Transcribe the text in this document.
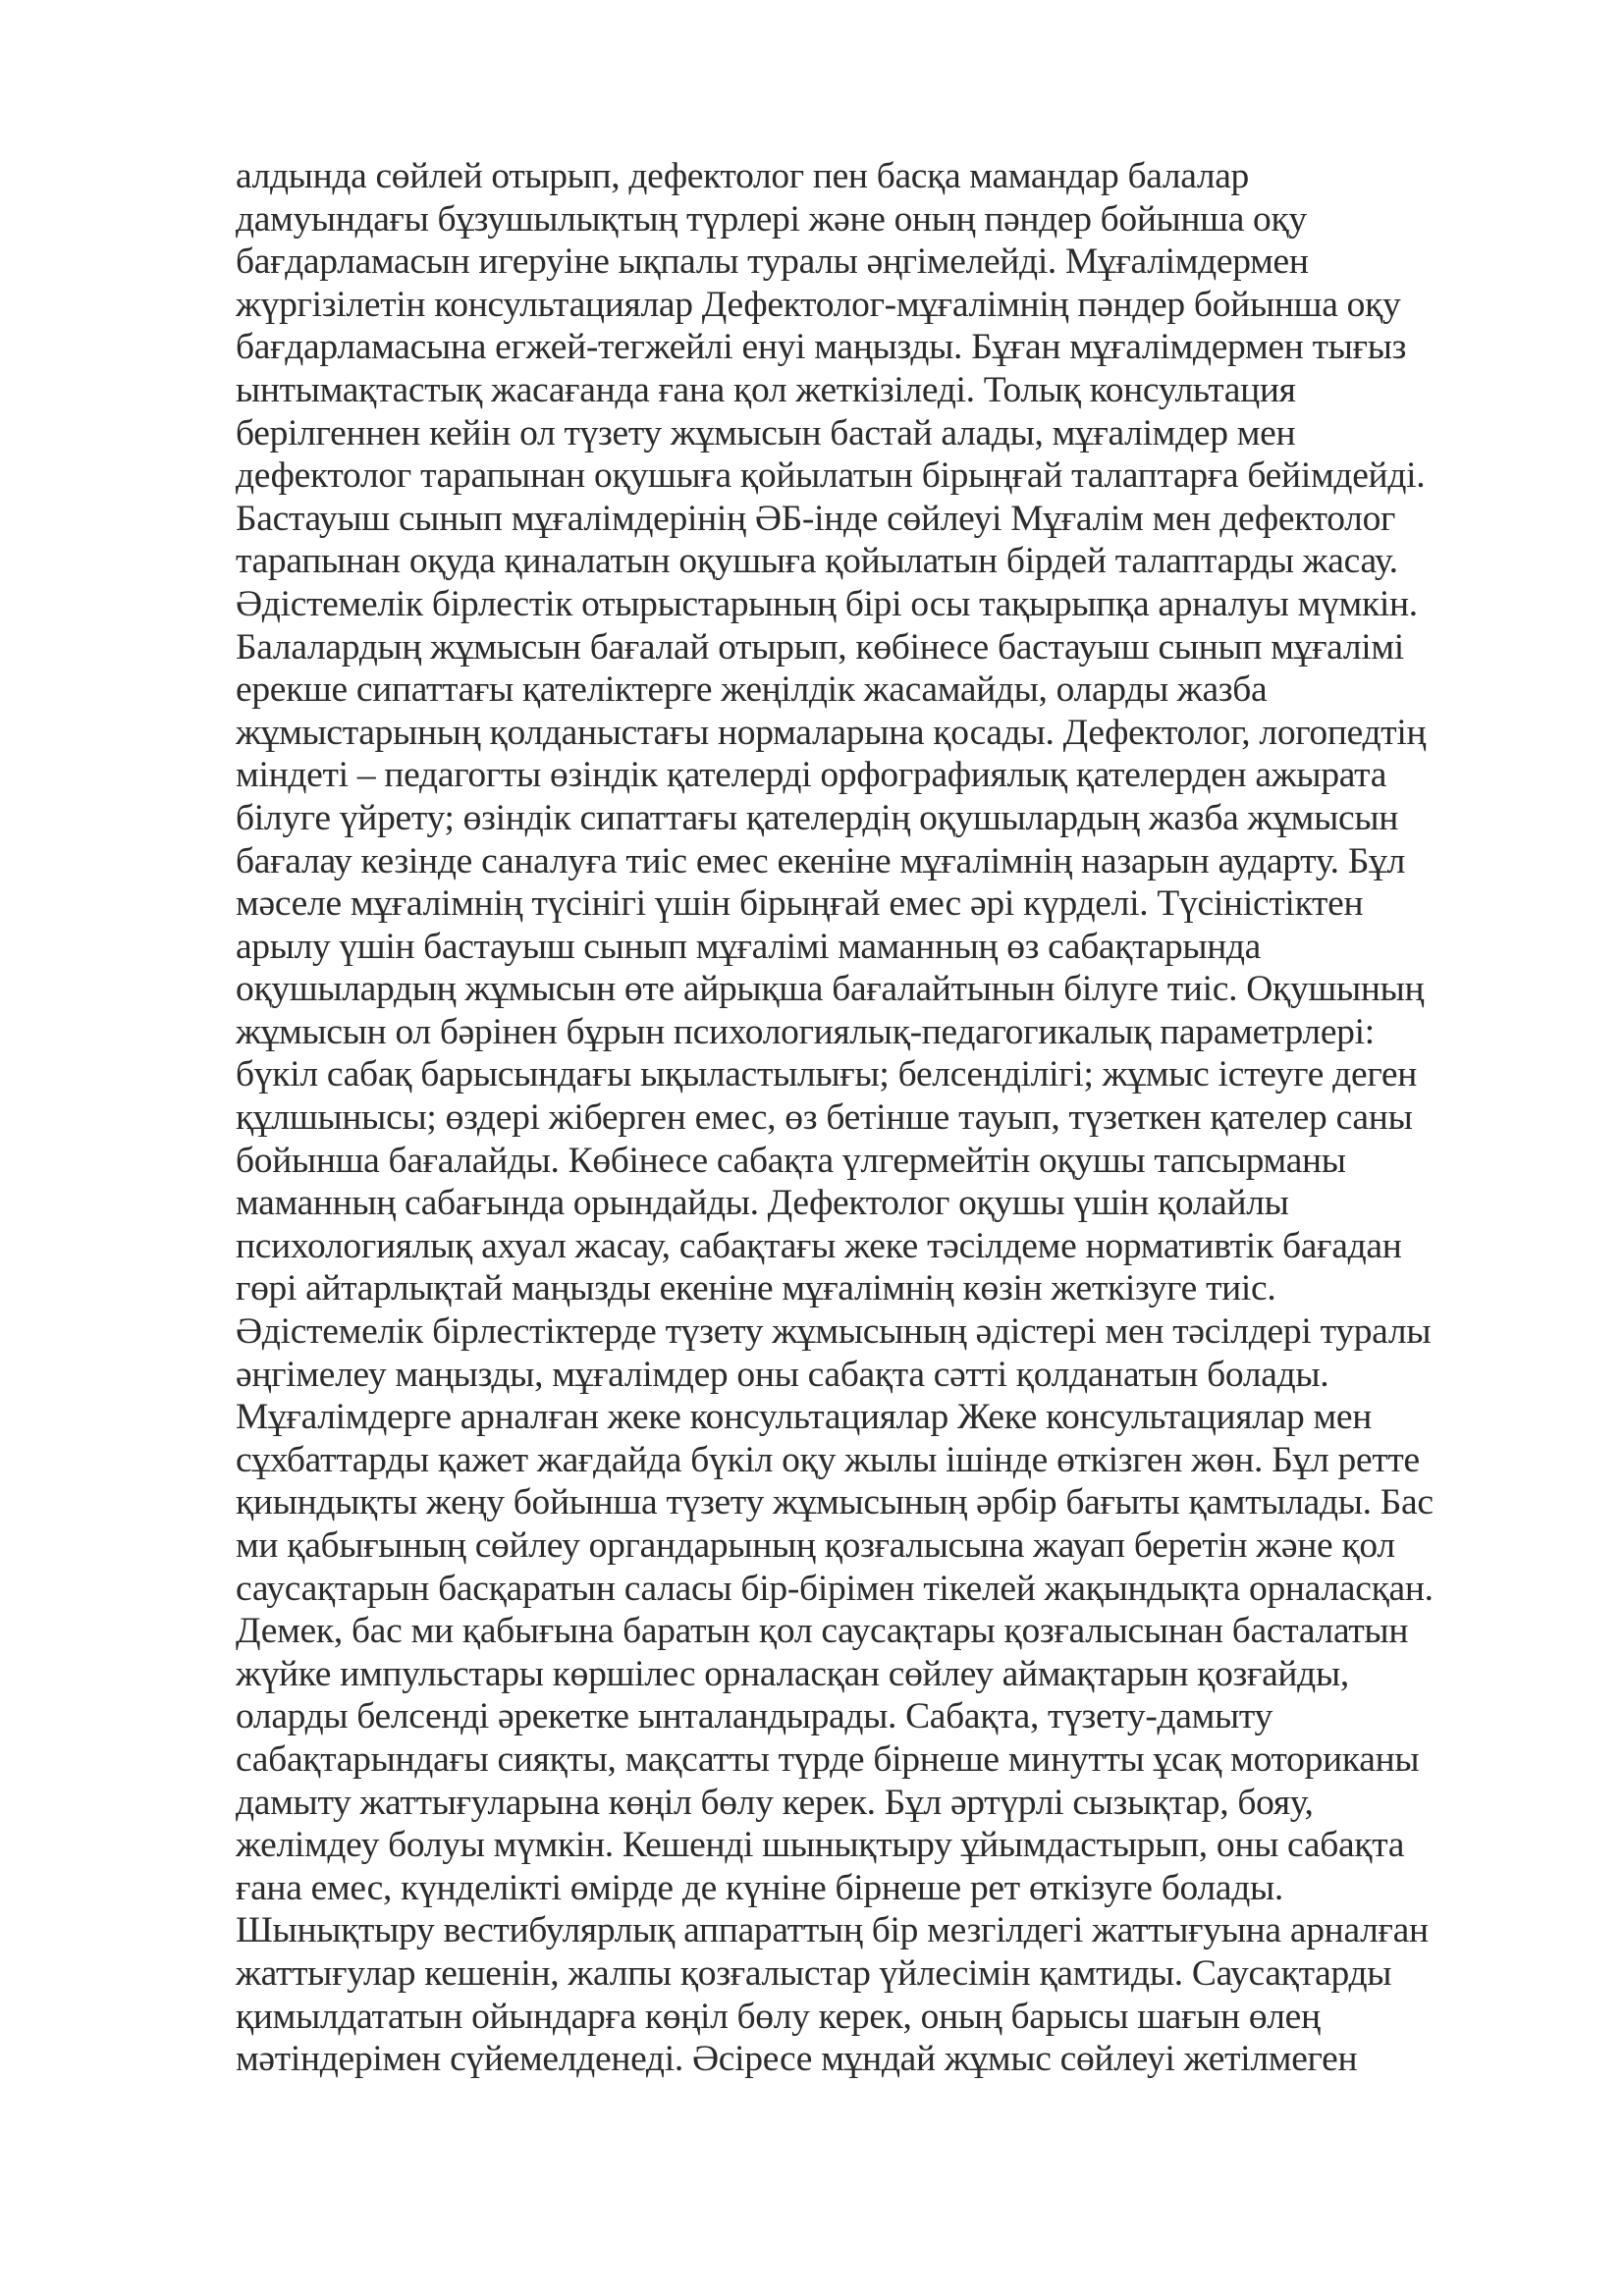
алдында сөйлей отырып, дефектолог пен басқа мамандар балалар
дамуындағы бұзушылықтың түрлері және оның пәндер бойынша оқу
бағдарламасын игеруіне ықпалы туралы әңгімелейді. Мұғалімдермен
жүргізілетін консультациялар Дефектолог-мұғалімнің пәндер бойынша оқу
бағдарламасына егжей-тегжейлі енуі маңызды. Бұған мұғалімдермен тығыз
ынтымақтастық жасағанда ғана қол жеткізіледі. Толық консультация
берілгеннен кейін ол түзету жұмысын бастай алады, мұғалімдер мен
дефектолог тарапынан оқушыға қойылатын бірыңғай талаптарға бейімдейді.
Бастауыш сынып мұғалімдерінің ӘБ-інде сөйлеуі Мұғалім мен дефектолог
тарапынан оқуда қиналатын оқушыға қойылатын бірдей талаптарды жасау.
Әдістемелік бірлестік отырыстарының бірі осы тақырыпқа арналуы мүмкін.
Балалардың жұмысын бағалай отырып, көбінесе бастауыш сынып мұғалімі
ерекше сипаттағы қателіктерге жеңілдік жасамайды, оларды жазба
жұмыстарының қолданыстағы нормаларына қосады. Дефектолог, логопедтің
міндеті – педагогты өзіндік қателерді орфографиялық қателерден ажырата
білуге үйрету; өзіндік сипаттағы қателердің оқушылардың жазба жұмысын
бағалау кезінде саналуға тиіс емес екеніне мұғалімнің назарын аударту. Бұл
мәселе мұғалімнің түсінігі үшін бірыңғай емес әрі күрделі. Түсіністіктен
арылу үшін бастауыш сынып мұғалімі маманның өз сабақтарында
оқушылардың жұмысын өте айрықша бағалайтынын білуге тиіс. Оқушының
жұмысын ол бәрінен бұрын психологиялық-педагогикалық параметрлері:
бүкіл сабақ барысындағы ықыластылығы; белсенділігі; жұмыс істеуге деген
құлшынысы; өздері жіберген емес, өз бетінше тауып, түзеткен қателер саны
бойынша бағалайды. Көбінесе сабақта үлгермейтін оқушы тапсырманы
маманның сабағында орындайды. Дефектолог оқушы үшін қолайлы
психологиялық ахуал жасау, сабақтағы жеке тәсілдеме нормативтік бағадан
гөрі айтарлықтай маңызды екеніне мұғалімнің көзін жеткізуге тиіс.
Әдістемелік бірлестіктерде түзету жұмысының әдістері мен тәсілдері туралы
әңгімелеу маңызды, мұғалімдер оны сабақта сәтті қолданатын болады.
Мұғалімдерге арналған жеке консультациялар Жеке консультациялар мен
сұхбаттарды қажет жағдайда бүкіл оқу жылы ішінде өткізген жөн. Бұл ретте
қиындықты жеңу бойынша түзету жұмысының әрбір бағыты қамтылады. Бас
ми қабығының сөйлеу органдарының қозғалысына жауап беретін және қол
саусақтарын басқаратын саласы бір-бірімен тікелей жақындықта орналасқан.
Демек, бас ми қабығына баратын қол саусақтары қозғалысынан басталатын
жүйке импульстары көршілес орналасқан сөйлеу аймақтарын қозғайды,
оларды белсенді әрекетке ынталандырады. Сабақта, түзету-дамыту
сабақтарындағы сияқты, мақсатты түрде бірнеше минутты ұсақ моториканы
дамыту жаттығуларына көңіл бөлу керек. Бұл әртүрлі сызықтар, бояу,
желімдеу болуы мүмкін. Кешенді шынықтыру ұйымдастырып, оны сабақта
ғана емес, күнделікті өмірде де күніне бірнеше рет өткізуге болады.
Шынықтыру вестибулярлық аппараттың бір мезгілдегі жаттығуына арналған
жаттығулар кешенін, жалпы қозғалыстар үйлесімін қамтиды. Саусақтарды
қимылдататын ойындарға көңіл бөлу керек, оның барысы шағын өлең
мәтіндерімен сүйемелденеді. Әсіресе мұндай жұмыс сөйлеуі жетілмеген
